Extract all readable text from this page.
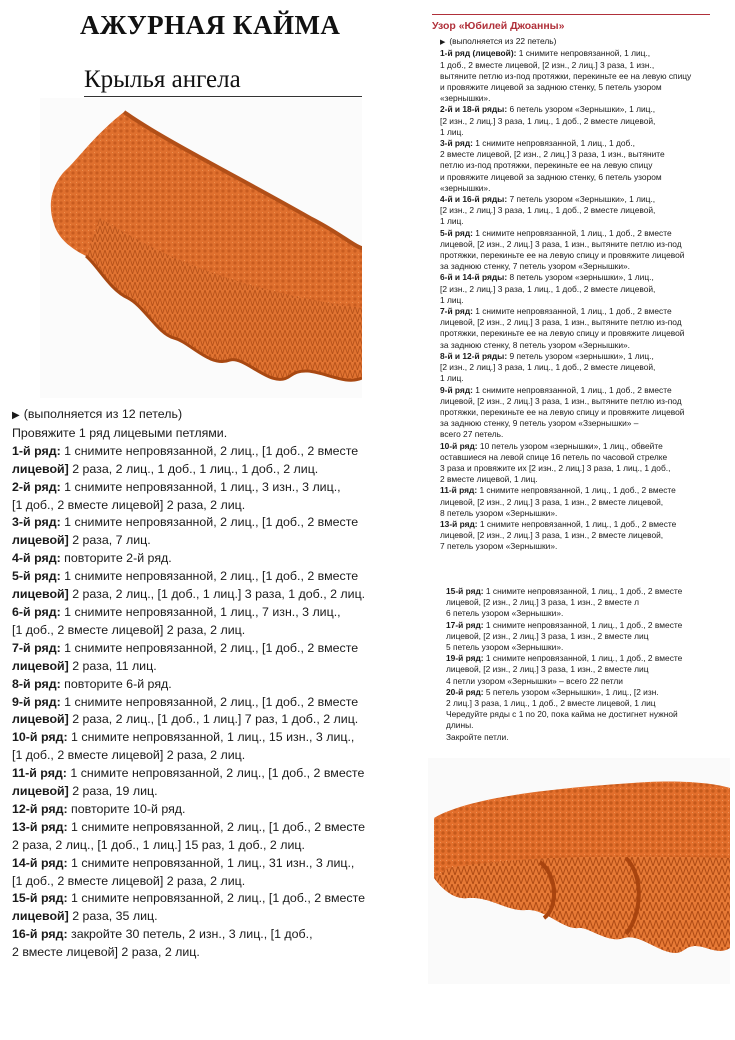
АЖУРНАЯ КАЙМА
Крылья ангела
▶ (выполняется из 12 петель)
Провяжите 1 ряд лицевыми петлями.
1-й ряд: 1 снимите непровязанной, 2 лиц., [1 доб., 2 вместе
лицевой] 2 раза, 2 лиц., 1 доб., 1 лиц., 1 доб., 2 лиц.
2-й ряд: 1 снимите непровязанной, 1 лиц., 3 изн., 3 лиц.,
[1 доб., 2 вместе лицевой] 2 раза, 2 лиц.
3-й ряд: 1 снимите непровязанной, 2 лиц., [1 доб., 2 вместе
лицевой] 2 раза, 7 лиц.
4-й ряд: повторите 2-й ряд.
5-й ряд: 1 снимите непровязанной, 2 лиц., [1 доб., 2 вместе
лицевой] 2 раза, 2 лиц., [1 доб., 1 лиц.] 3 раза, 1 доб., 2 лиц.
6-й ряд: 1 снимите непровязанной, 1 лиц., 7 изн., 3 лиц.,
[1 доб., 2 вместе лицевой] 2 раза, 2 лиц.
7-й ряд: 1 снимите непровязанной, 2 лиц., [1 доб., 2 вместе
лицевой] 2 раза, 11 лиц.
8-й ряд: повторите 6-й ряд.
9-й ряд: 1 снимите непровязанной, 2 лиц., [1 доб., 2 вместе
лицевой] 2 раза, 2 лиц., [1 доб., 1 лиц.] 7 раз, 1 доб., 2 лиц.
10-й ряд: 1 снимите непровязанной, 1 лиц., 15 изн., 3 лиц.,
[1 доб., 2 вместе лицевой] 2 раза, 2 лиц.
11-й ряд: 1 снимите непровязанной, 2 лиц., [1 доб., 2 вместе
лицевой] 2 раза, 19 лиц.
12-й ряд: повторите 10-й ряд.
13-й ряд: 1 снимите непровязанной, 2 лиц., [1 доб., 2 вместе
2 раза, 2 лиц., [1 доб., 1 лиц.] 15 раз, 1 доб., 2 лиц.
14-й ряд: 1 снимите непровязанной, 1 лиц., 31 изн., 3 лиц.,
[1 доб., 2 вместе лицевой] 2 раза, 2 лиц.
15-й ряд: 1 снимите непровязанной, 2 лиц., [1 доб., 2 вместе
лицевой] 2 раза, 35 лиц.
16-й ряд: закройте 30 петель, 2 изн., 3 лиц., [1 доб.,
2 вместе лицевой] 2 раза, 2 лиц.
Узор «Юбилей Джоанны»
▶ (выполняется из 22 петель)
1-й ряд (лицевой): 1 снимите непровязанной, 1 лиц.,
1 доб., 2 вместе лицевой, [2 изн., 2 лиц.] 3 раза, 1 изн.,
вытяните петлю из-под протяжки, перекиньте ее на левую спицу
и провяжите лицевой за заднюю стенку, 5 петель узором
«зернышки».
2-й и 18-й ряды: 6 петель узором «Зернышки», 1 лиц.,
[2 изн., 2 лиц.] 3 раза, 1 лиц., 1 доб., 2 вместе лицевой,
1 лиц.
3-й ряд: 1 снимите непровязанной, 1 лиц., 1 доб.,
2 вместе лицевой, [2 изн., 2 лиц.] 3 раза, 1 изн., вытяните
петлю из-под протяжки, перекиньте ее на левую спицу
и провяжите лицевой за заднюю стенку, 6 петель узором
«зернышки».
4-й и 16-й ряды: 7 петель узором «Зернышки», 1 лиц.,
[2 изн., 2 лиц.] 3 раза, 1 лиц., 1 доб., 2 вместе лицевой,
1 лиц.
5-й ряд: 1 снимите непровязанной, 1 лиц., 1 доб., 2 вместе
лицевой, [2 изн., 2 лиц.] 3 раза, 1 изн., вытяните петлю из-под
протяжки, перекиньте ее на левую спицу и провяжите лицевой
за заднюю стенку, 7 петель узором «Зернышки».
6-й и 14-й ряды: 8 петель узором «зернышки», 1 лиц.,
[2 изн., 2 лиц.] 3 раза, 1 лиц., 1 доб., 2 вместе лицевой,
1 лиц.
7-й ряд: 1 снимите непровязанной, 1 лиц., 1 доб., 2 вместе
лицевой, [2 изн., 2 лиц.] 3 раза, 1 изн., вытяните петлю из-под
протяжки, перекиньте ее на левую спицу и провяжите лицевой
за заднюю стенку, 8 петель узором «Зернышки».
8-й и 12-й ряды: 9 петель узором «зернышки», 1 лиц.,
[2 изн., 2 лиц.] 3 раза, 1 лиц., 1 доб., 2 вместе лицевой,
1 лиц.
9-й ряд: 1 снимите непровязанной, 1 лиц., 1 доб., 2 вместе
лицевой, [2 изн., 2 лиц.] 3 раза, 1 изн., вытяните петлю из-под
протяжки, перекиньте ее на левую спицу и провяжите лицевой
за заднюю стенку, 9 петель узором «Ззернышки» –
всего 27 петель.
10-й ряд: 10 петель узором «зернышки», 1 лиц., обвейте
оставшиеся на левой спице 16 петель по часовой стрелке
3 раза и провяжите их [2 изн., 2 лиц.] 3 раза, 1 лиц., 1 доб.,
2 вместе лицевой, 1 лиц.
11-й ряд: 1 снимите непровязанной, 1 лиц., 1 доб., 2 вместе
лицевой, [2 изн., 2 лиц.] 3 раза, 1 изн., 2 вместе лицевой,
8 петель узором «Зернышки».
13-й ряд: 1 снимите непровязанной, 1 лиц., 1 доб., 2 вместе
лицевой, [2 изн., 2 лиц.] 3 раза, 1 изн., 2 вместе лицевой,
7 петель узором «Зернышки».
15-й ряд: 1 снимите непровязанной, 1 лиц., 1 доб., 2 вместе
лицевой, [2 изн., 2 лиц.] 3 раза, 1 изн., 2 вместе л
6 петель узором «Зернышки».
17-й ряд: 1 снимите непровязанной, 1 лиц., 1 доб., 2 вместе
лицевой, [2 изн., 2 лиц.] 3 раза, 1 изн., 2 вместе лиц
5 петель узором «Зернышки».
19-й ряд: 1 снимите непровязанной, 1 лиц., 1 доб., 2 вместе
лицевой, [2 изн., 2 лиц.] 3 раза, 1 изн., 2 вместе лиц
4 петли узором «Зернышки» – всего 22 петли
20-й ряд: 5 петель узором «Зернышки», 1 лиц., [2 изн.
2 лиц.] 3 раза, 1 лиц., 1 доб., 2 вместе лицевой, 1 лиц
Чередуйте ряды с 1 по 20, пока кайма не достигнет нужной
длины.
Закройте петли.
